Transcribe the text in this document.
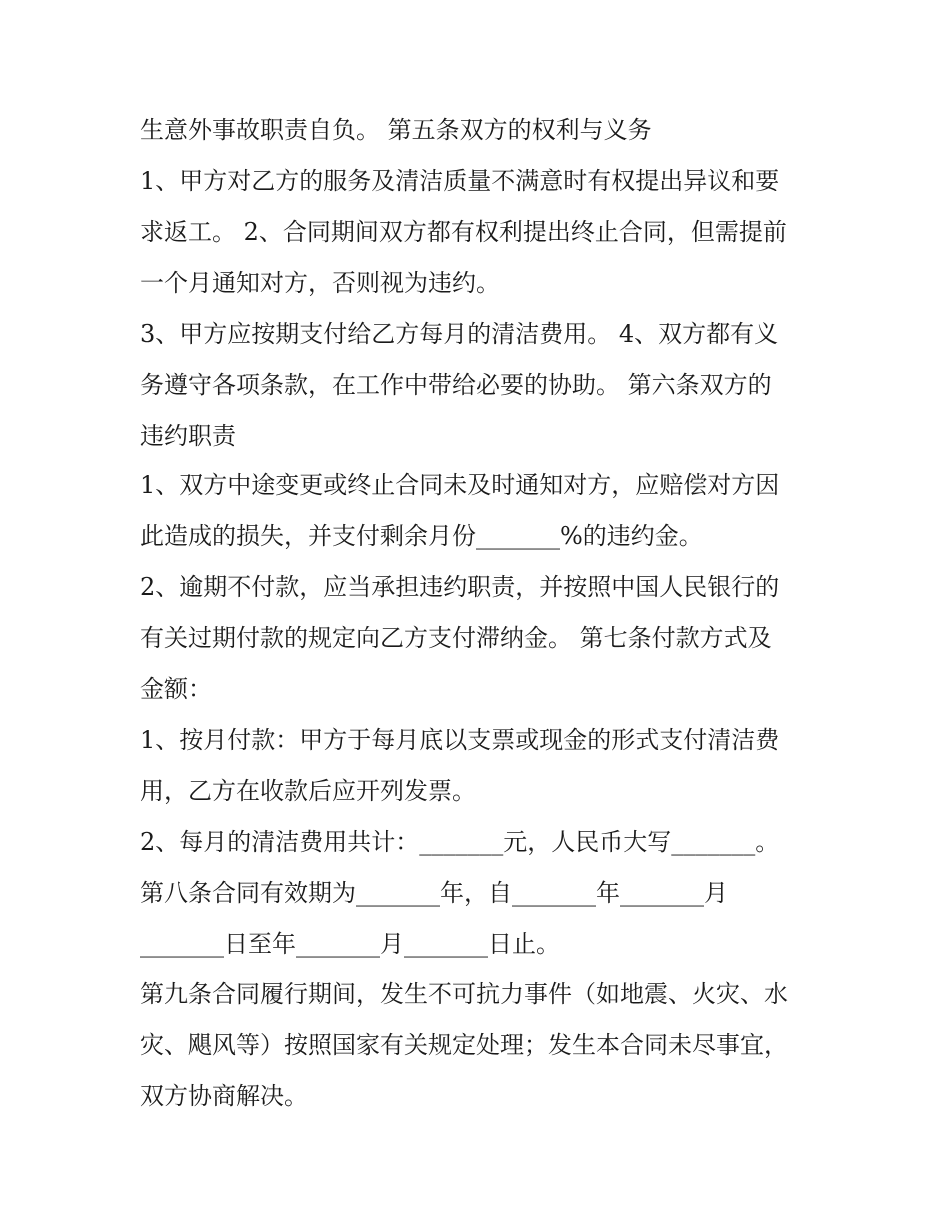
生意外事故职责自负。 第五条双方的权利与义务
1、甲方对乙方的服务及清洁质量不满意时有权提出异议和要
求返工。 2、合同期间双方都有权利提出终止合同，但需提前
一个月通知对方，否则视为违约。
3、甲方应按期支付给乙方每月的清洁费用。 4、双方都有义
务遵守各项条款，在工作中带给必要的协助。 第六条双方的
违约职责
1、双方中途变更或终止合同未及时通知对方，应赔偿对方因
此造成的损失，并支付剩余月份_______%的违约金。
2、逾期不付款，应当承担违约职责，并按照中国人民银行的
有关过期付款的规定向乙方支付滞纳金。 第七条付款方式及
金额：
1、按月付款：甲方于每月底以支票或现金的形式支付清洁费
用，乙方在收款后应开列发票。
2、每月的清洁费用共计：_______元，人民币大写_______。
第八条合同有效期为_______年，自_______年_______月
_______日至年_______月_______日止。
第九条合同履行期间，发生不可抗力事件（如地震、火灾、水
灾、飓风等）按照国家有关规定处理；发生本合同未尽事宜，
双方协商解决。
